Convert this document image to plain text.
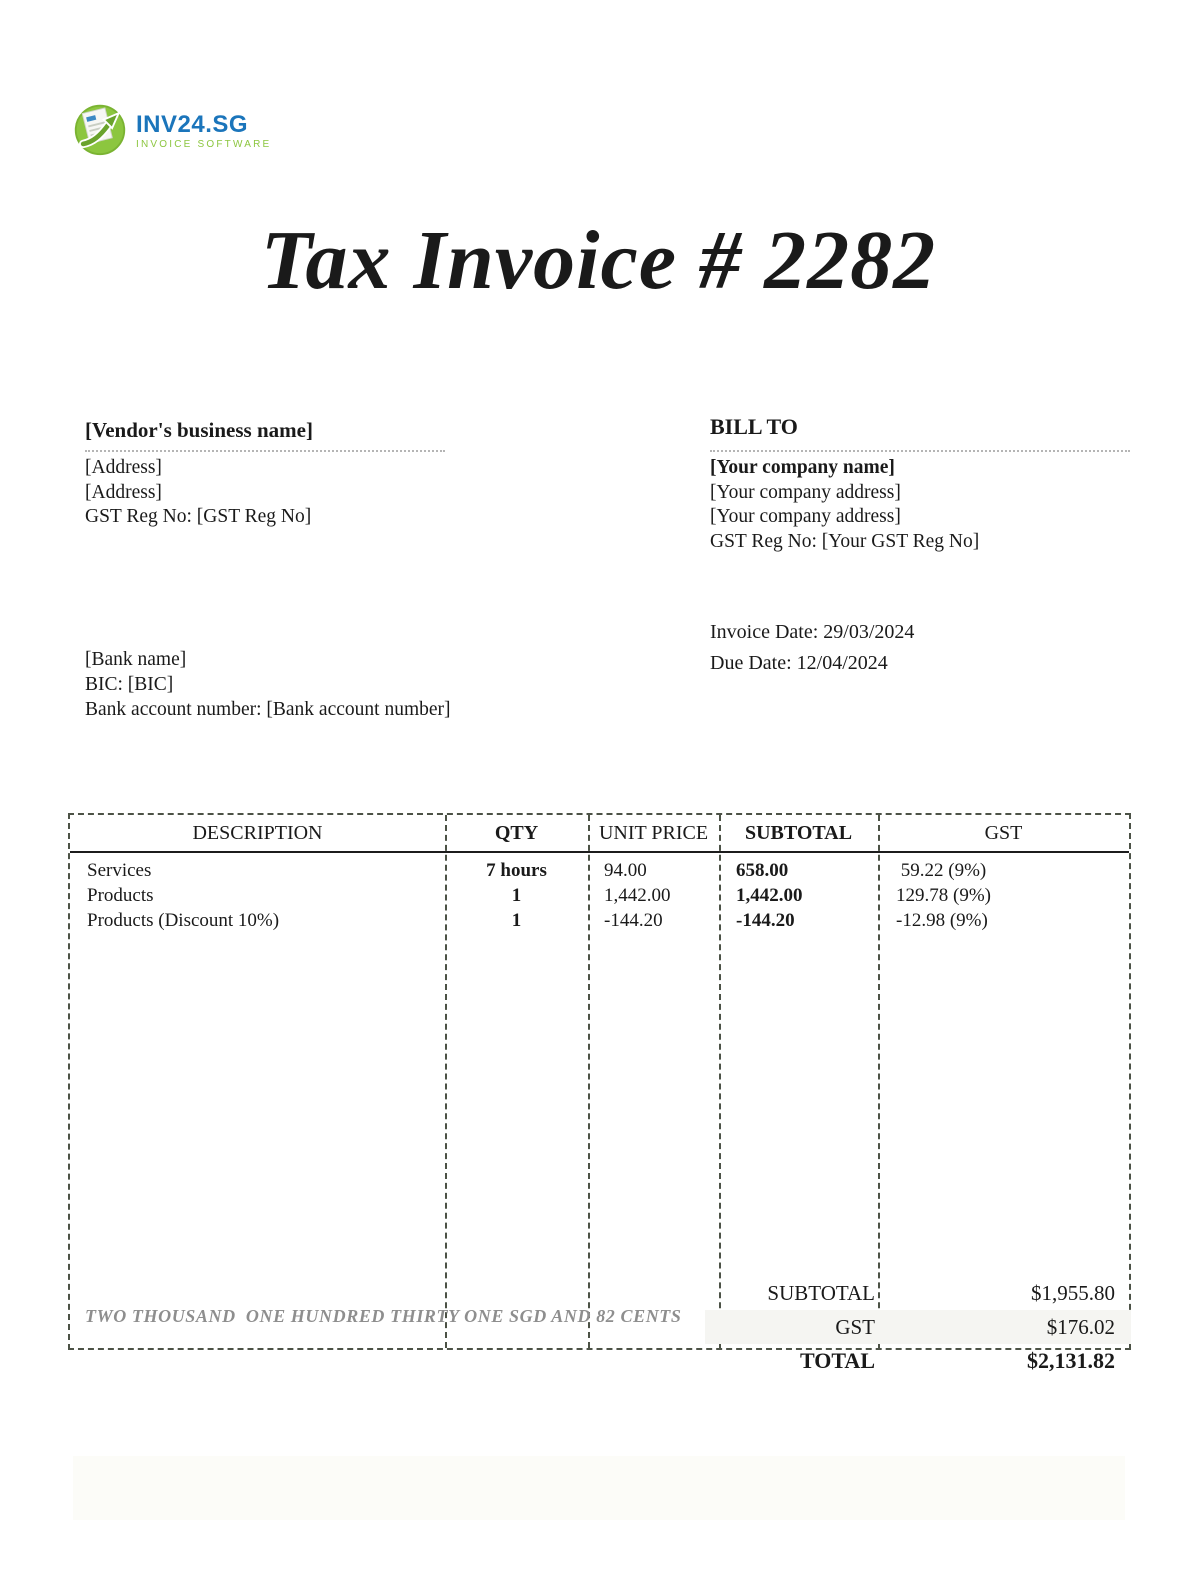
INV24.SG
INVOICE SOFTWARE
Tax Invoice # 2282
[Vendor's business name]
[Address]
[Address]
GST Reg No: [GST Reg No]
BILL TO
[Your company name]
[Your company address]
[Your company address]
GST Reg No: [Your GST Reg No]
Invoice Date: 29/03/2024
Due Date: 12/04/2024
[Bank name]
BIC: [BIC]
Bank account number: [Bank account number]
DESCRIPTION	QTY	UNIT PRICE	SUBTOTAL	GST
Services	7 hours	94.00	658.00	59.22 (9%)
Products	1	1,442.00	1,442.00	129.78 (9%)
Products (Discount 10%)	1	-144.20	-144.20	-12.98 (9%)
TWO THOUSAND  ONE HUNDRED THIRTY ONE SGD AND 82 CENTS
SUBTOTAL	$1,955.80
GST	$176.02
TOTAL	$2,131.82
